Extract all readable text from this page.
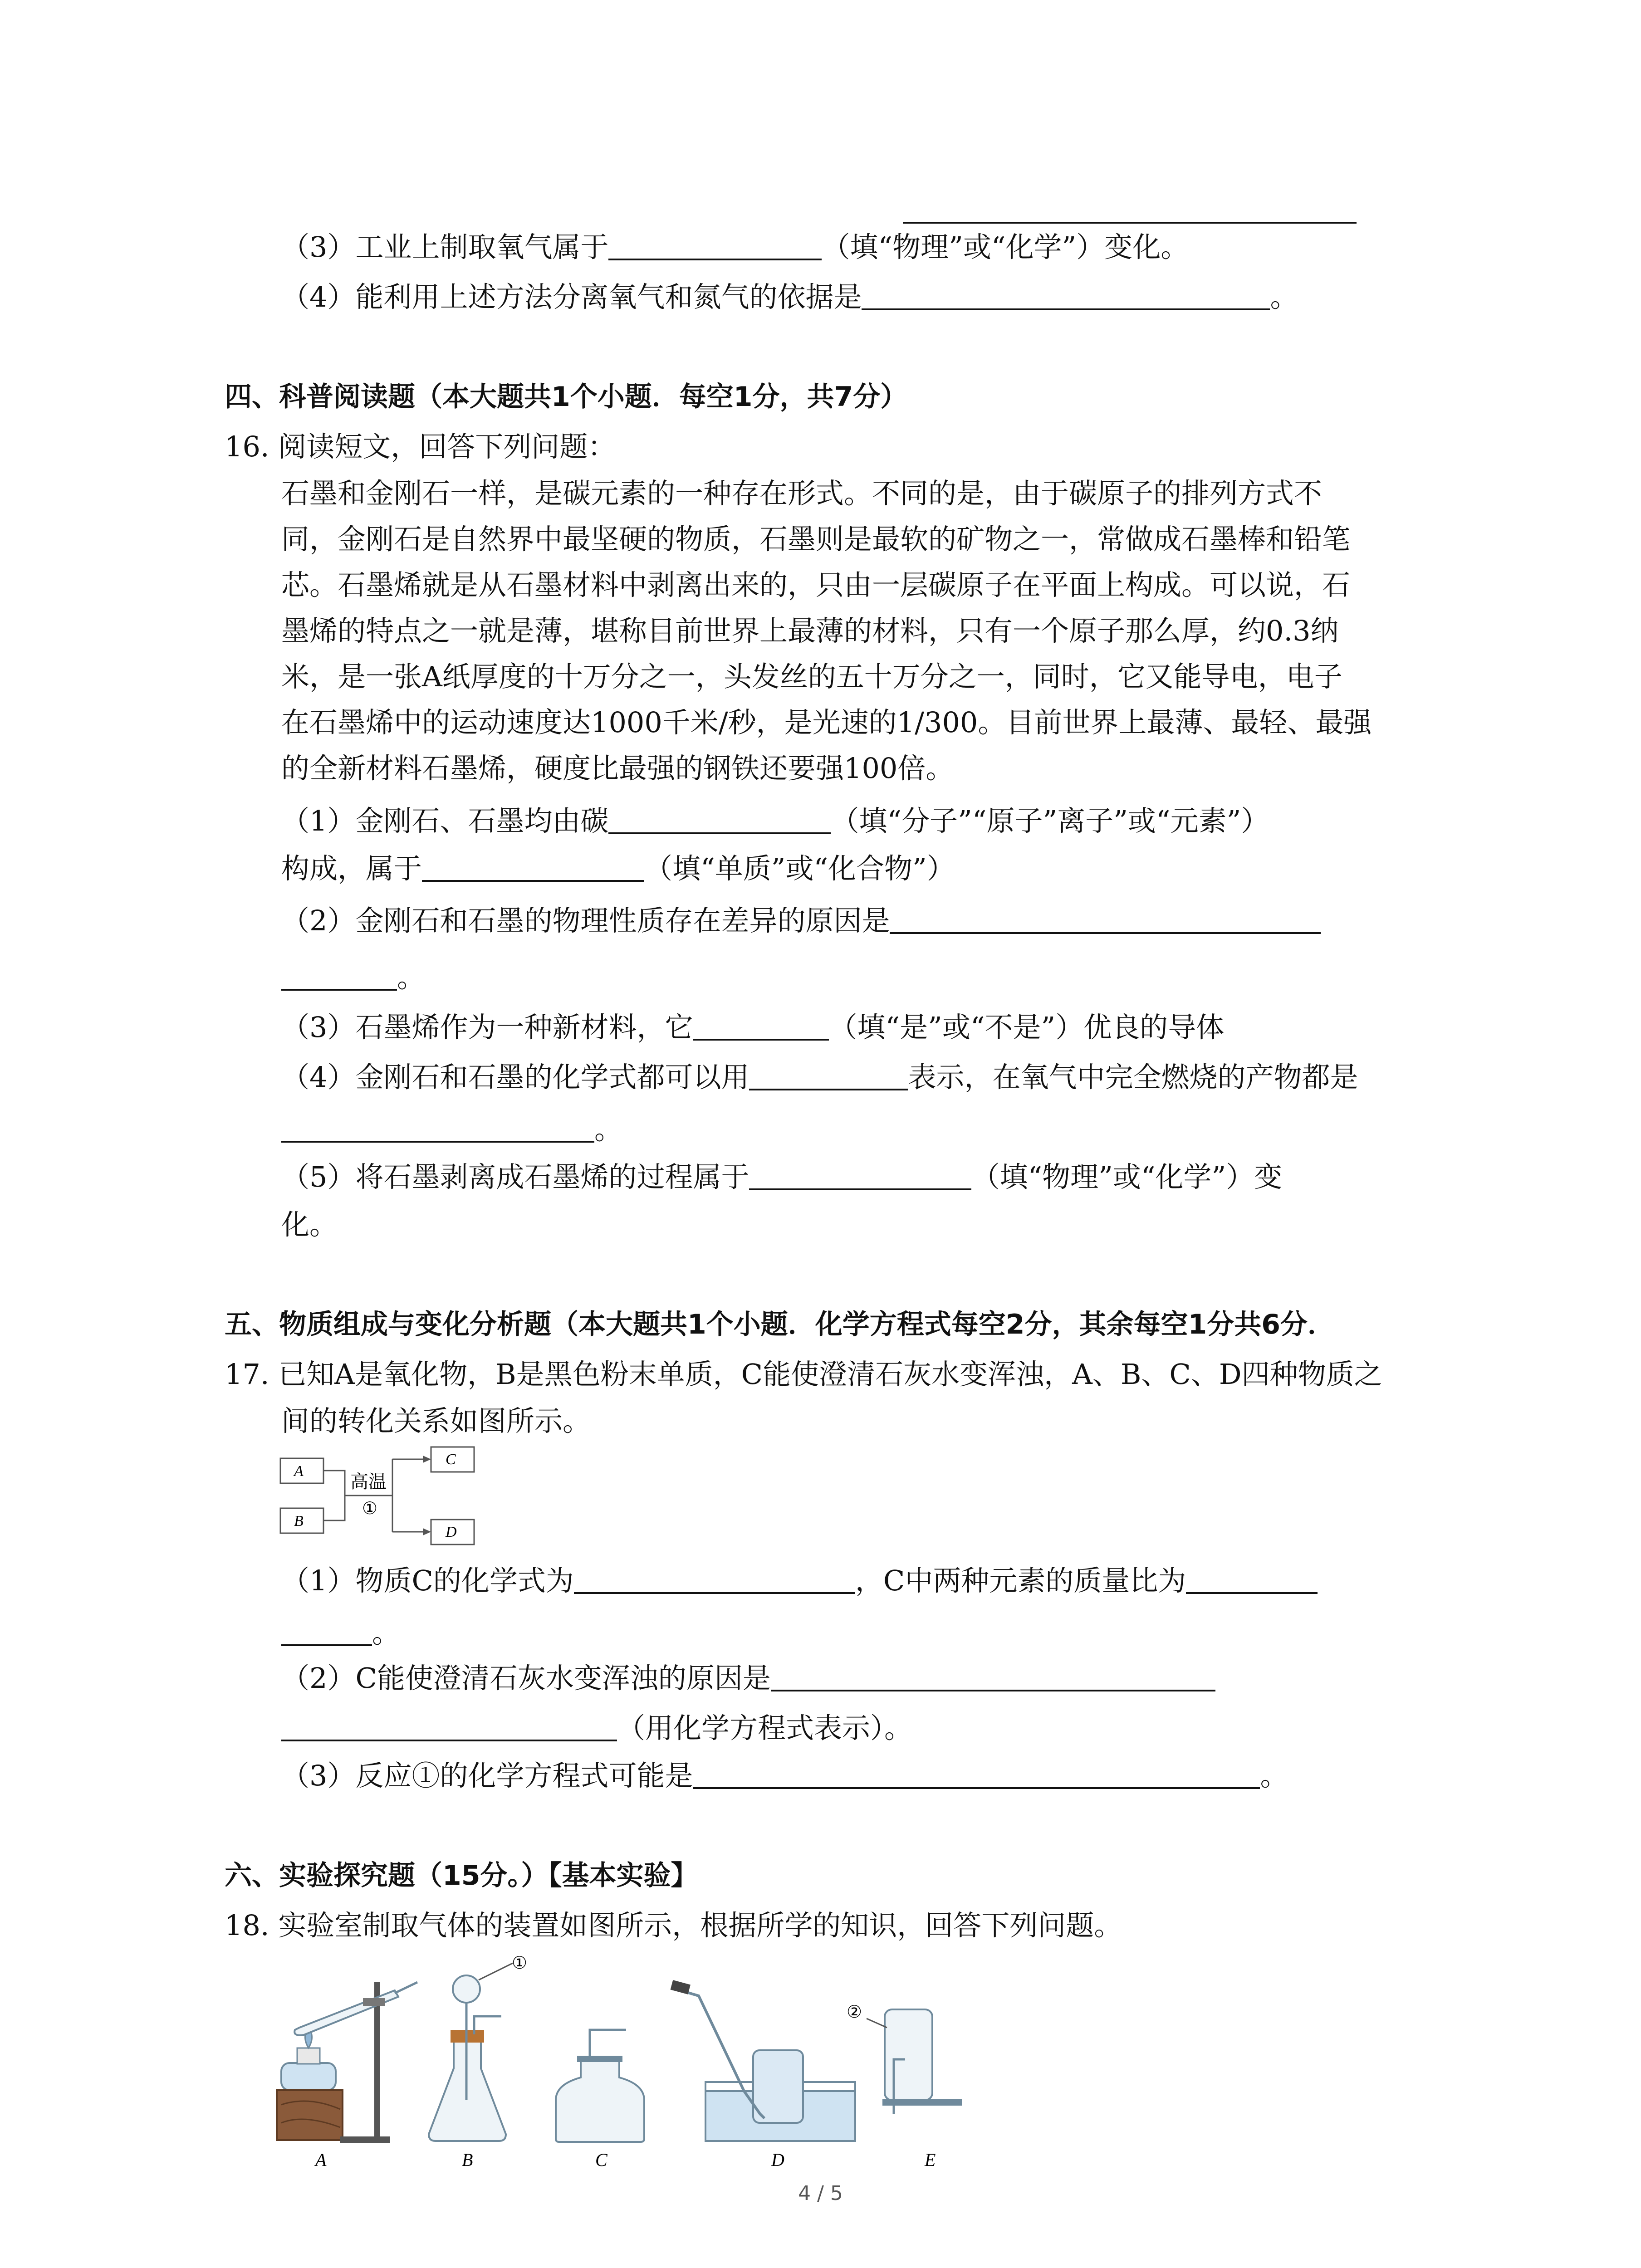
（3）工业上制取氧气属于	（填“物理”或“化学”）变化。
（4）能利用上述方法分离氧气和氮气的依据是	。
四、科普阅读题（本大题共1个小题．每空1分，共7分）
16. 阅读短文，回答下列问题：
石墨和金刚石一样，是碳元素的一种存在形式。不同的是，由于碳原子的排列方式不
同，金刚石是自然界中最坚硬的物质，石墨则是最软的矿物之一，常做成石墨棒和铅笔
芯。石墨烯就是从石墨材料中剥离出来的，只由一层碳原子在平面上构成。可以说，石
墨烯的特点之一就是薄，堪称目前世界上最薄的材料，只有一个原子那么厚，约0.3纳
米，是一张A纸厚度的十万分之一，头发丝的五十万分之一，同时，它又能导电，电子
在石墨烯中的运动速度达1000千米/秒，是光速的1/300。目前世界上最薄、最轻、最强
的全新材料石墨烯，硬度比最强的钢铁还要强100倍。
（1）金刚石、石墨均由碳	（填“分子”“原子”离子”或“元素”）
构成，属于	（填“单质”或“化合物”）
（2）金刚石和石墨的物理性质存在差异的原因是
。
（3）石墨烯作为一种新材料，它	（填“是”或“不是”）优良的导体
（4）金刚石和石墨的化学式都可以用	表示，在氧气中完全燃烧的产物都是
。
（5）将石墨剥离成石墨烯的过程属于	（填“物理”或“化学”）变
化。
五、物质组成与变化分析题（本大题共1个小题．化学方程式每空2分，其余每空1分共6分．
17. 已知A是氧化物，B是黑色粉末单质，C能使澄清石灰水变浑浊，A、B、C、D四种物质之
间的转化关系如图所示。
A
B
C
D
高温
①
（1）物质C的化学式为	，C中两种元素的质量比为
。
（2）C能使澄清石灰水变浑浊的原因是
（用化学方程式表示）。
（3）反应①的化学方程式可能是	。
六、实验探究题（15分。）【基本实验】
18. 实验室制取气体的装置如图所示，根据所学的知识，回答下列问题。
A
①
B	C	D
②
E
4 / 5
